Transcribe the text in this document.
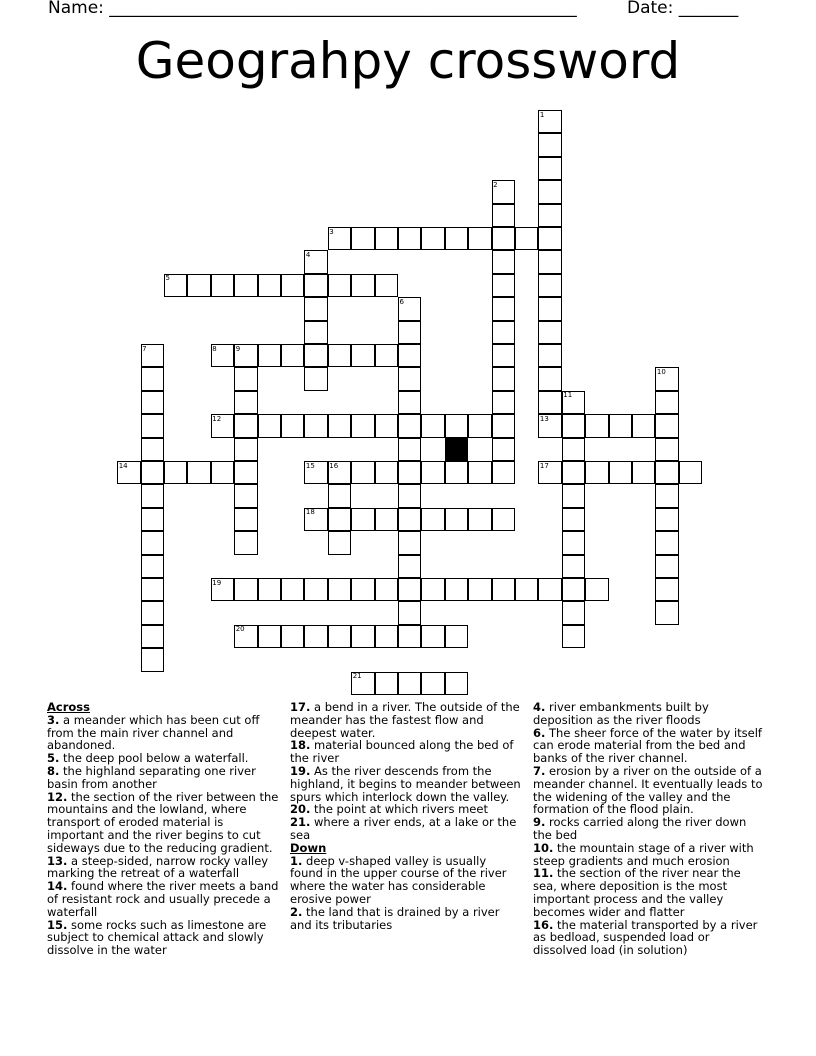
Name: _______________________________________________________	Date: _______
Geograhpy crossword
1
2
3
4
5
6
7	8	9
10
11
12	13
14	15 16	17
18
19
20
21
Across
3. a meander which has been cut off from the main river channel and abandoned.
5. the deep pool below a waterfall.
8. the highland separating one river basin from another
12. the section of the river between the mountains and the lowland, where transport of eroded material is important and the river begins to cut sideways due to the reducing gradient.
13. a steep-sided, narrow rocky valley marking the retreat of a waterfall
14. found where the river meets a band of resistant rock and usually precede a waterfall
15. some rocks such as limestone are subject to chemical attack and slowly dissolve in the water
17. a bend in a river. The outside of the meander has the fastest flow and deepest water.
18. material bounced along the bed of the river
19. As the river descends from the highland, it begins to meander between spurs which interlock down the valley.
20. the point at which rivers meet
21. where a river ends, at a lake or the sea
Down
1. deep v-shaped valley is usually found in the upper course of the river where the water has considerable erosive power
2. the land that is drained by a river and its tributaries
4. river embankments built by deposition as the river floods
6. The sheer force of the water by itself can erode material from the bed and banks of the river channel.
7. erosion by a river on the outside of a meander channel. It eventually leads to the widening of the valley and the formation of the flood plain.
9. rocks carried along the river down the bed
10. the mountain stage of a river with steep gradients and much erosion
11. the section of the river near the sea, where deposition is the most important process and the valley becomes wider and flatter
16. the material transported by a river as bedload, suspended load or dissolved load (in solution)
